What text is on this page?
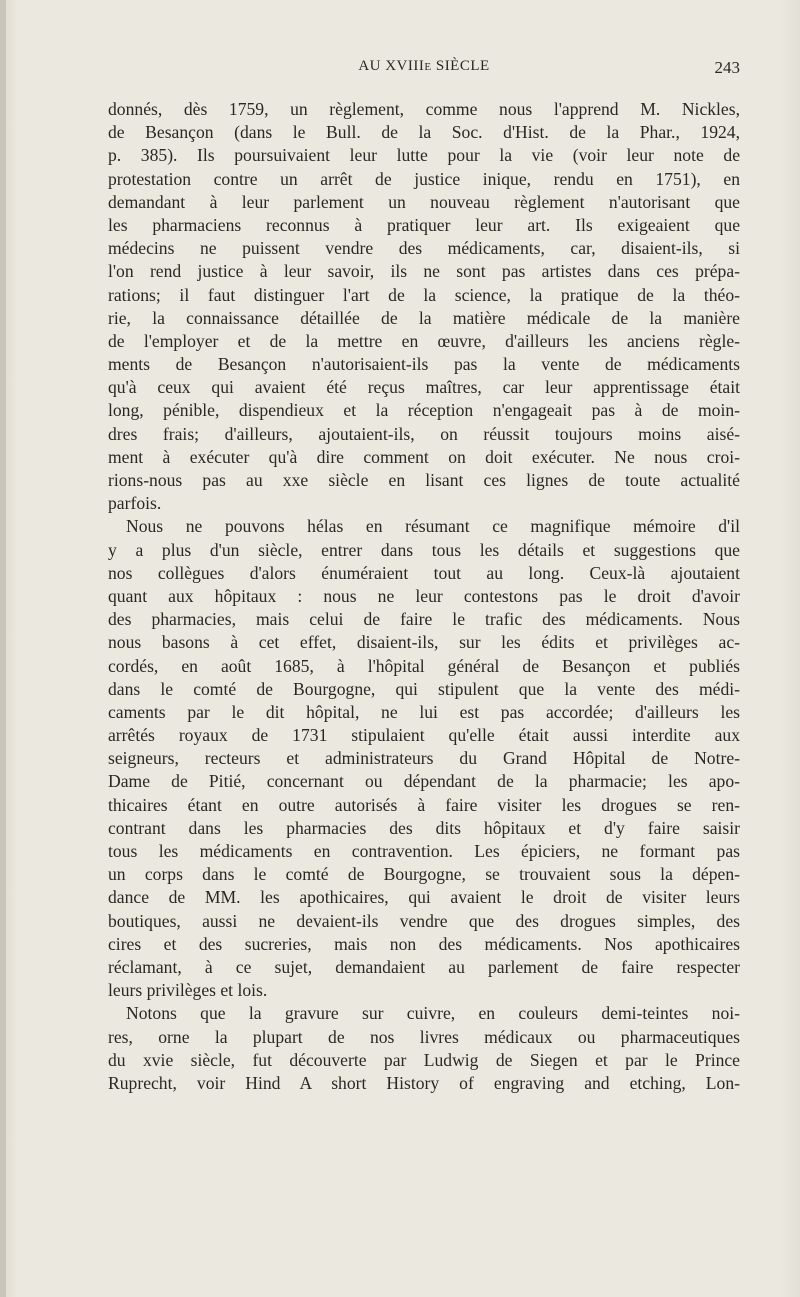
AU XVIIIe SIÈCLE	243
donnés, dès 1759, un règlement, comme nous l'apprend M. Nickles,
de Besançon (dans le Bull. de la Soc. d'Hist. de la Phar., 1924,
p. 385). Ils poursuivaient leur lutte pour la vie (voir leur note de
protestation contre un arrêt de justice inique, rendu en 1751), en
demandant à leur parlement un nouveau règlement n'autorisant que
les pharmaciens reconnus à pratiquer leur art. Ils exigeaient que
médecins ne puissent vendre des médicaments, car, disaient-ils, si
l'on rend justice à leur savoir, ils ne sont pas artistes dans ces prépa-
rations; il faut distinguer l'art de la science, la pratique de la théo-
rie, la connaissance détaillée de la matière médicale de la manière
de l'employer et de la mettre en œuvre, d'ailleurs les anciens règle-
ments de Besançon n'autorisaient-ils pas la vente de médicaments
qu'à ceux qui avaient été reçus maîtres, car leur apprentissage était
long, pénible, dispendieux et la réception n'engageait pas à de moin-
dres frais; d'ailleurs, ajoutaient-ils, on réussit toujours moins aisé-
ment à exécuter qu'à dire comment on doit exécuter. Ne nous croi-
rions-nous pas au xxe siècle en lisant ces lignes de toute actualité
parfois.
Nous ne pouvons hélas en résumant ce magnifique mémoire d'il
y a plus d'un siècle, entrer dans tous les détails et suggestions que
nos collègues d'alors énuméraient tout au long. Ceux-là ajoutaient
quant aux hôpitaux : nous ne leur contestons pas le droit d'avoir
des pharmacies, mais celui de faire le trafic des médicaments. Nous
nous basons à cet effet, disaient-ils, sur les édits et privilèges ac-
cordés, en août 1685, à l'hôpital général de Besançon et publiés
dans le comté de Bourgogne, qui stipulent que la vente des médi-
caments par le dit hôpital, ne lui est pas accordée; d'ailleurs les
arrêtés royaux de 1731 stipulaient qu'elle était aussi interdite aux
seigneurs, recteurs et administrateurs du Grand Hôpital de Notre-
Dame de Pitié, concernant ou dépendant de la pharmacie; les apo-
thicaires étant en outre autorisés à faire visiter les drogues se ren-
contrant dans les pharmacies des dits hôpitaux et d'y faire saisir
tous les médicaments en contravention. Les épiciers, ne formant pas
un corps dans le comté de Bourgogne, se trouvaient sous la dépen-
dance de MM. les apothicaires, qui avaient le droit de visiter leurs
boutiques, aussi ne devaient-ils vendre que des drogues simples, des
cires et des sucreries, mais non des médicaments. Nos apothicaires
réclamant, à ce sujet, demandaient au parlement de faire respecter
leurs privilèges et lois.
Notons que la gravure sur cuivre, en couleurs demi-teintes noi-
res, orne la plupart de nos livres médicaux ou pharmaceutiques
du xvie siècle, fut découverte par Ludwig de Siegen et par le Prince
Ruprecht, voir Hind A short History of engraving and etching, Lon-
